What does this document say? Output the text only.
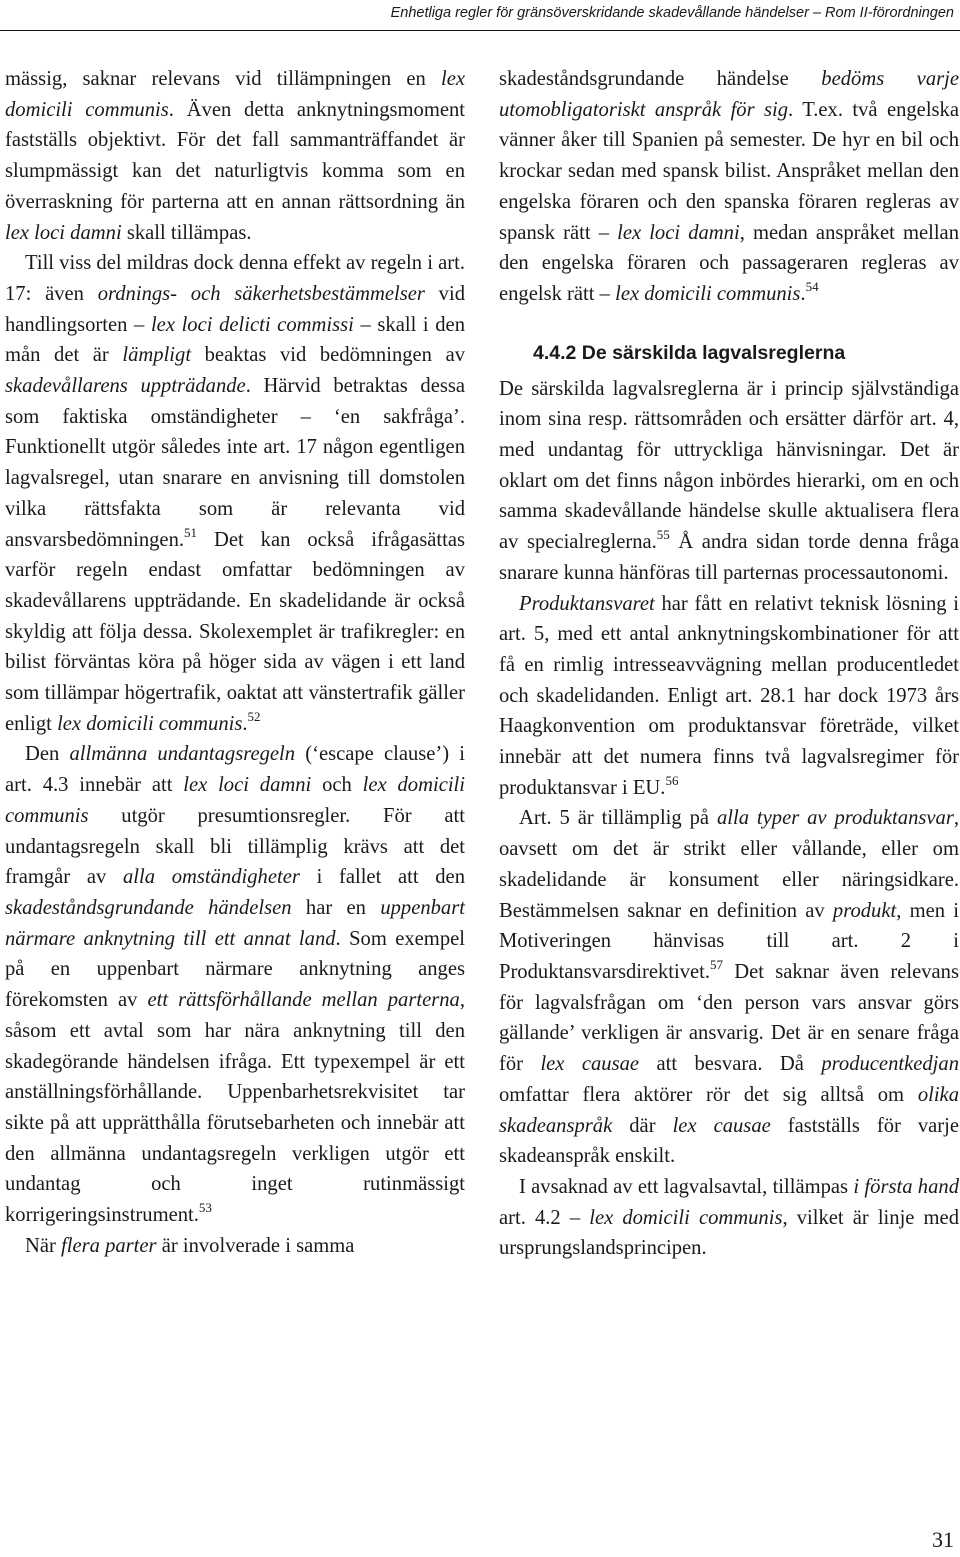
Enhetliga regler för gränsöverskridande skadevållande händelser – Rom II-förordningen

mässig, saknar relevans vid tillämpningen en lex domicili communis. Även detta anknytningsmoment fastställs objektivt. För det fall sammanträffandet är slumpmässigt kan det naturligtvis komma som en överraskning för parterna att en annan rättsordning än lex loci damni skall tillämpas.

Till viss del mildras dock denna effekt av regeln i art. 17: även ordnings- och säkerhetsbestämmelser vid handlingsorten – lex loci delicti commissi – skall i den mån det är lämpligt beaktas vid bedömningen av skadevållarens uppträdande. Härvid betraktas dessa som faktiska omständigheter – ‘en sakfråga’. Funktionellt utgör således inte art. 17 någon egentligen lagvalsregel, utan snarare en anvisning till domstolen vilka rättsfakta som är relevanta vid ansvarsbedömningen.$^{51}$ Det kan också ifrågasättas varför regeln endast omfattar bedömningen av skadevållarens uppträdande. En skadelidande är också skyldig att följa dessa. Skolexemplet är trafikregler: en bilist förväntas köra på höger sida av vägen i ett land som tillämpar högertrafik, oaktat att vänstertrafik gäller enligt lex domicili communis.$^{52}$

Den allmänna undantagsregeln (‘escape clause’) i art. 4.3 innebär att lex loci damni och lex domicili communis utgör presumtionsregler. För att undantagsregeln skall bli tillämplig krävs att det framgår av alla omständigheter i fallet att den skadeståndsgrundande händelsen har en uppenbart närmare anknytning till ett annat land. Som exempel på en uppenbart närmare anknytning anges förekomsten av ett rättsförhållande mellan parterna, såsom ett avtal som har nära anknytning till den skadegörande händelsen ifråga. Ett typexempel är ett anställningsförhållande. Uppenbarhetsrekvisitet tar sikte på att upprätthålla förutsebarheten och innebär att den allmänna undantagsregeln verkligen utgör ett undantag och inget rutinmässigt korrigeringsinstrument.$^{53}$

När flera parter är involverade i samma

skadeståndsgrundande händelse bedöms varje utomobligatoriskt anspråk för sig. T.ex. två engelska vänner åker till Spanien på semester. De hyr en bil och krockar sedan med spansk bilist. Anspråket mellan den engelska föraren och den spanska föraren regleras av spansk rätt – lex loci damni, medan anspråket mellan den engelska föraren och passageraren regleras av engelsk rätt – lex domicili communis.$^{54}$

4.4.2 De särskilda lagvalsreglerna

De särskilda lagvalsreglerna är i princip självständiga inom sina resp. rättsområden och ersätter därför art. 4, med undantag för uttryckliga hänvisningar. Det är oklart om det finns någon inbördes hierarki, om en och samma skadevållande händelse skulle aktualisera flera av specialreglerna.$^{55}$ Å andra sidan torde denna fråga snarare kunna hänföras till parternas processautonomi.

Produktansvaret har fått en relativt teknisk lösning i art. 5, med ett antal anknytningskombinationer för att få en rimlig intresseavvägning mellan producentledet och skadelidanden. Enligt art. 28.1 har dock 1973 års Haagkonvention om produktansvar företräde, vilket innebär att det numera finns två lagvalsregimer för produktansvar i EU.$^{56}$

Art. 5 är tillämplig på alla typer av produktansvar, oavsett om det är strikt eller vållande, eller om skadelidande är konsument eller näringsidkare. Bestämmelsen saknar en definition av produkt, men i Motiveringen hänvisas till art. 2 i Produktansvarsdirektivet.$^{57}$ Det saknar även relevans för lagvalsfrågan om ‘den person vars ansvar görs gällande’ verkligen är ansvarig. Det är en senare fråga för lex causae att besvara. Då producentkedjan omfattar flera aktörer rör det sig alltså om olika skadeanspråk där lex causae fastställs för varje skadeanspråk enskilt.

I avsaknad av ett lagvalsavtal, tillämpas i första hand art. 4.2 – lex domicili communis, vilket är linje med ursprungslandsprincipen.

31
